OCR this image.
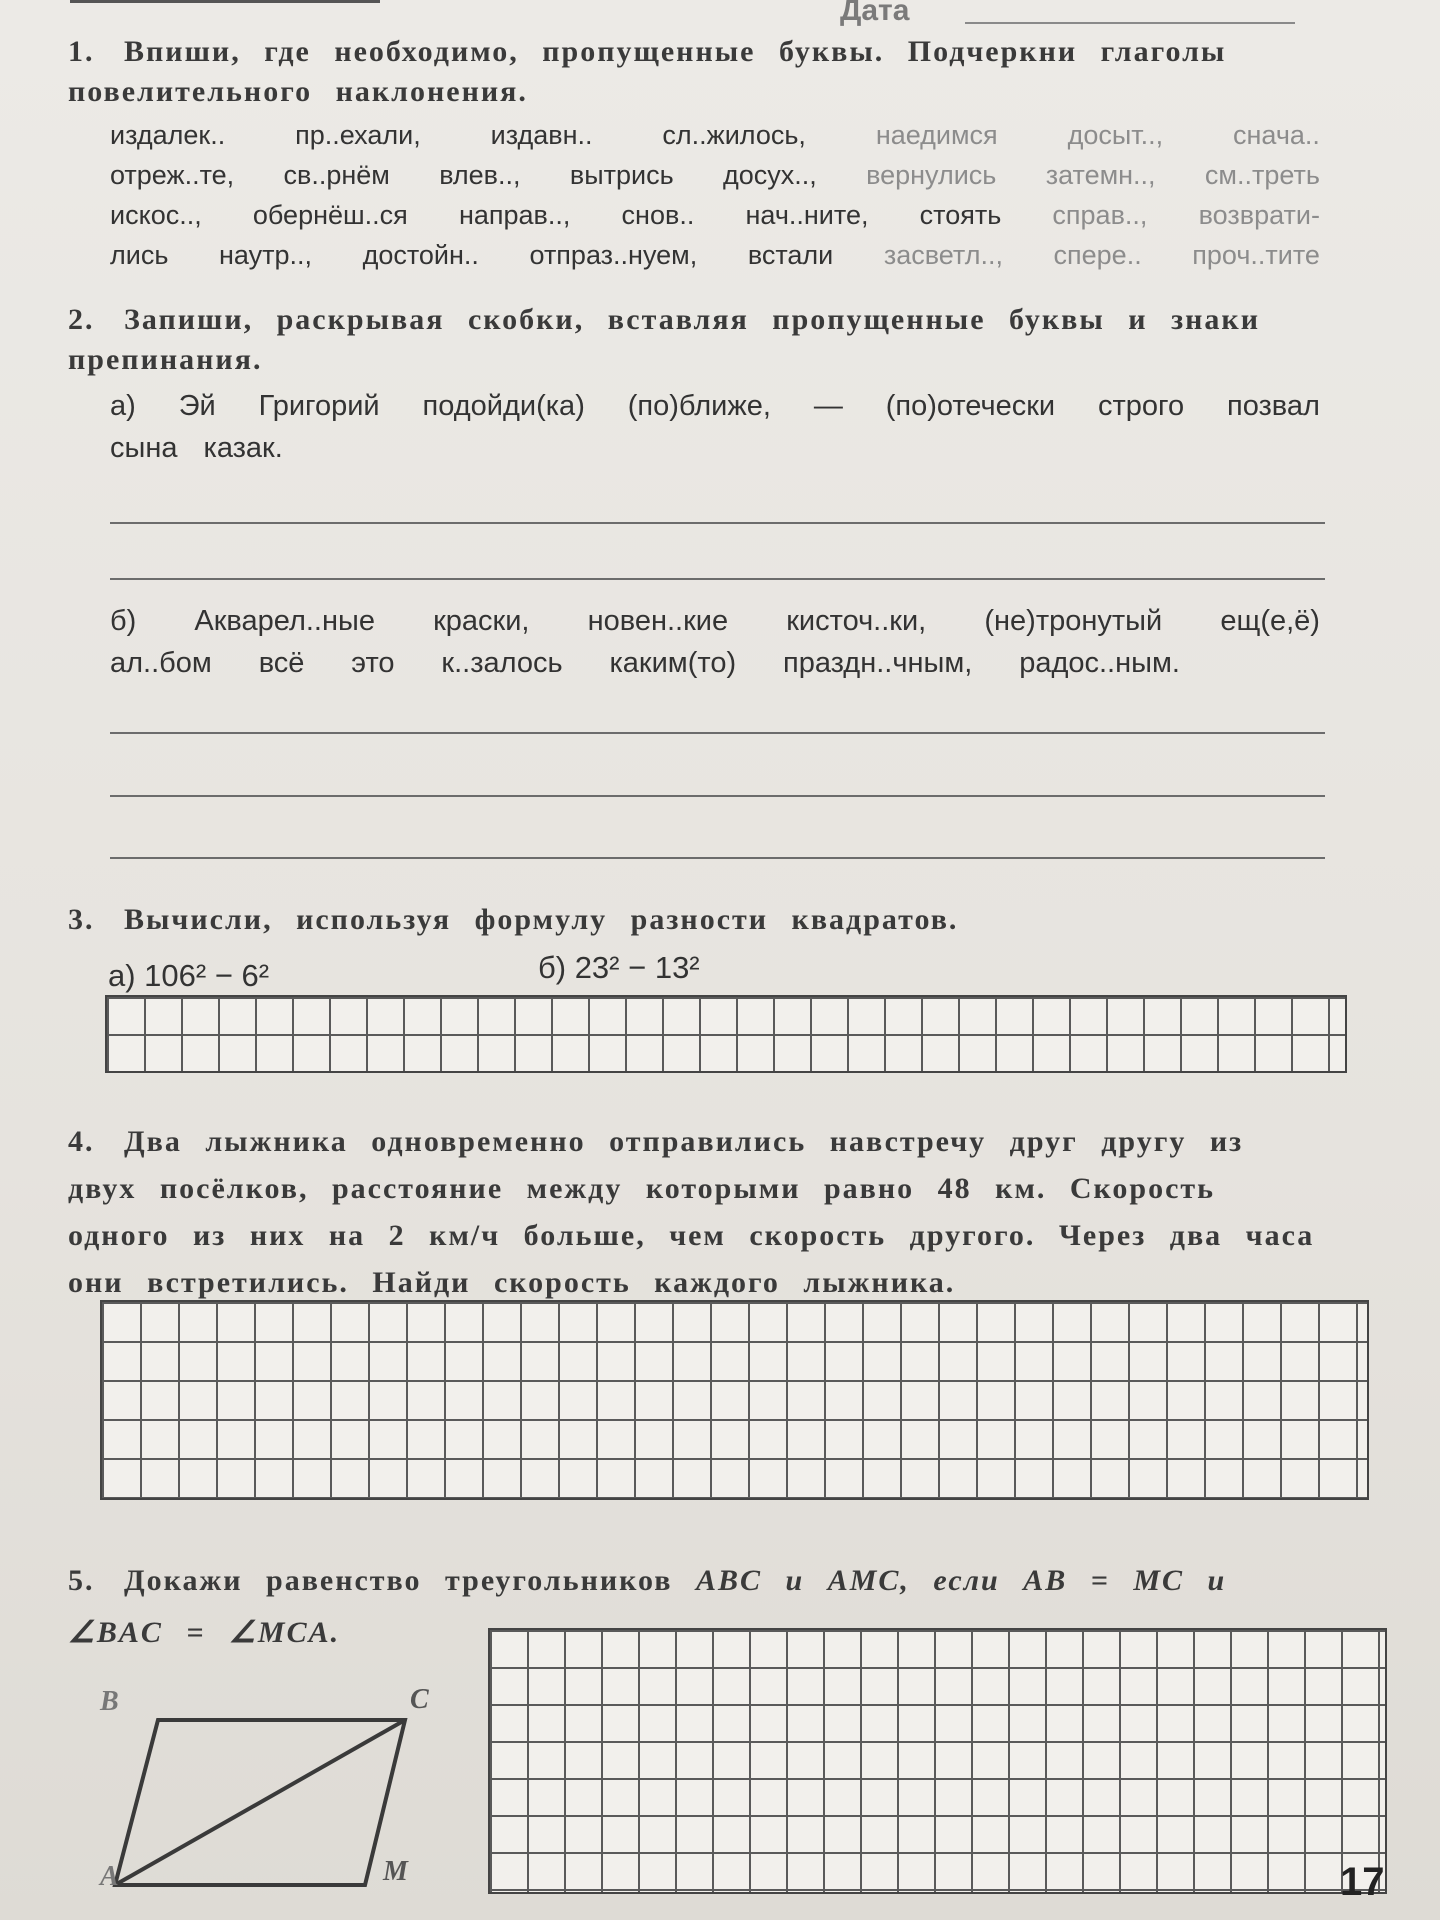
Дата
1. Впиши, где необходимо, пропущенные буквы. Подчеркни глаголы повелительного наклонения.
издалек..	пр..ехали,	издавн..	сл..жилось,	наедимся	досыт..,	снача..
отреж..те, св..рнём влев.., вытрись досух.., вернулись затемн.., см..треть
искос.., обернёш..ся направ.., снов.. нач..ните, стоять справ.., возврати-
лись наутр.., достойн.. отпраз..нуем, встали засветл.., спере.. проч..тите
2. Запиши, раскрывая скобки, вставляя пропущенные буквы и знаки препинания.
а) Эй Григорий подойди(ка) (по)ближе, — (по)отечески строго позвал
сына казак.
б) Акварел..ные краски, новен..кие кисточ..ки, (не)тронутый ещ(е,ё)
ал..бом всё это к..залось каким(то) праздн..чным, радос..ным.
3. Вычисли, используя формулу разности квадратов.
а) 106² − 6²	б) 23² − 13²
4. Два лыжника одновременно отправились навстречу друг другу из двух посёлков, расстояние между которыми равно 48 км. Скорость одного из них на 2 км/ч больше, чем скорость другого. Через два часа они встретились. Найди скорость каждого лыжника.
5. Докажи равенство треугольников ABC и AMC, если AB = MC и ∠BAC = ∠MCA.
A
B	C
M	17
